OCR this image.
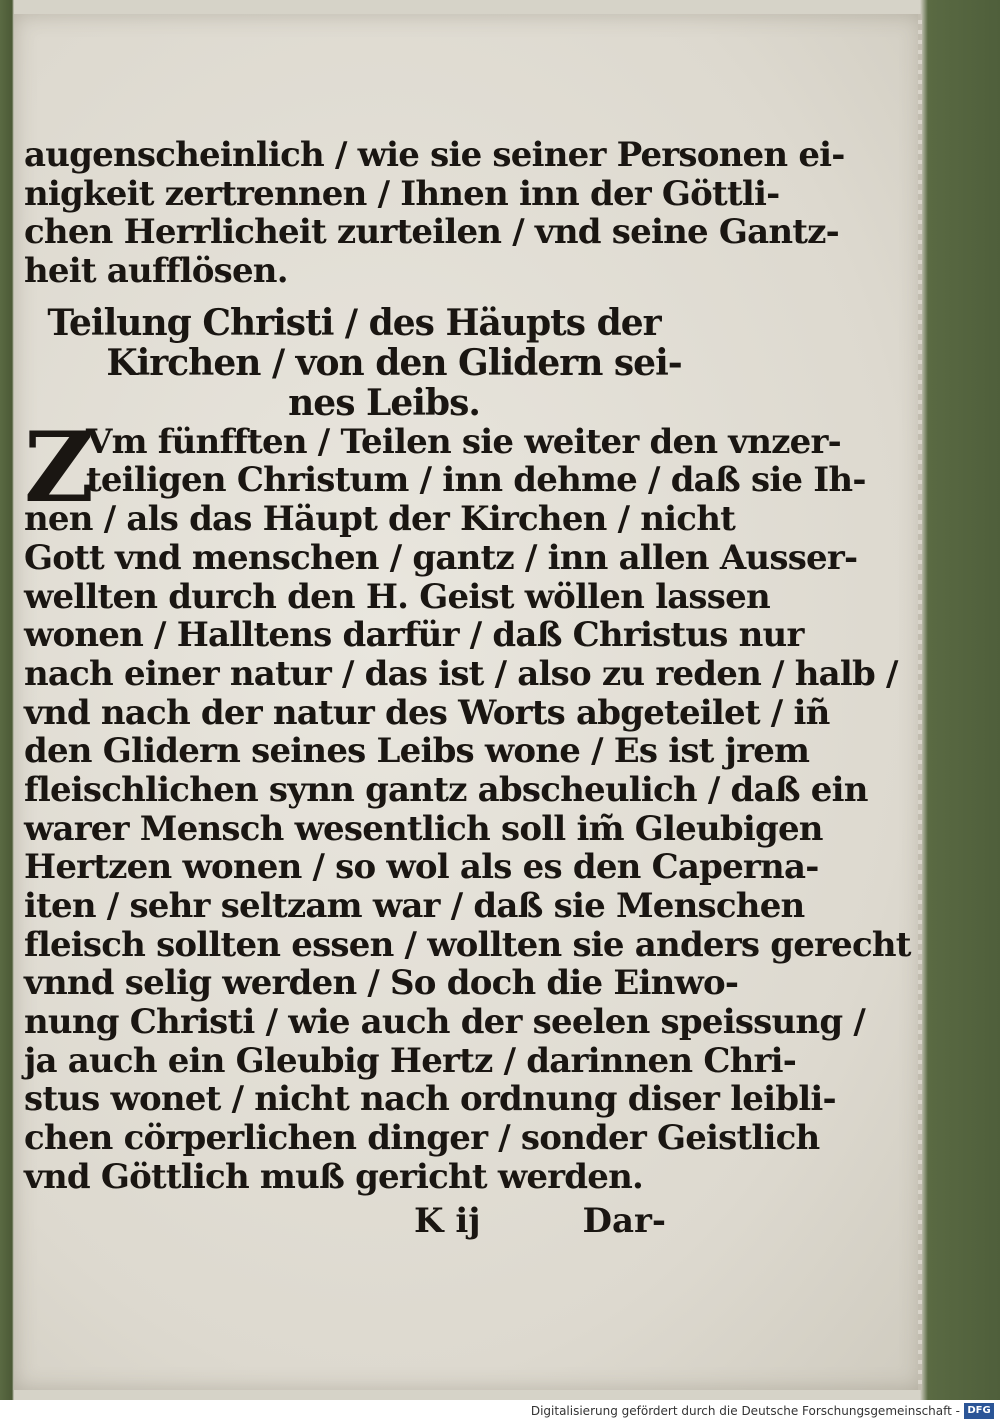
augenscheinlich / wie sie seiner Personen ei-
nigkeit zertrennen / Ihnen inn der Göttli-
chen Herrlicheit zurteilen / vnd seine Gantz-
heit aufflösen.
Teilung Christi / des Häupts der
Kirchen / von den Glidern sei-
nes Leibs.
Z
Vm fünfften / Teilen sie weiter den vnzer-
teiligen Christum / inn dehme / daß sie Ih-
nen / als das Häupt der Kirchen / nicht
Gott vnd menschen / gantz / inn allen Ausser-
wellten durch den H. Geist wöllen lassen
wonen / Halltens darfür / daß Christus nur
nach einer natur / das ist / also zu reden / halb /
vnd nach der natur des Worts abgeteilet / iñ
den Glidern seines Leibs wone / Es ist jrem
fleischlichen synn gantz abscheulich / daß ein
warer Mensch wesentlich soll im̃ Gleubigen
Hertzen wonen / so wol als es den Caperna-
iten / sehr seltzam war / daß sie Menschen
fleisch sollten essen / wollten sie anders gerecht
vnnd selig werden / So doch die Einwo-
nung Christi / wie auch der seelen speissung /
ja auch ein Gleubig Hertz / darinnen Chri-
stus wonet / nicht nach ordnung diser leibli-
chen cörperlichen dinger / sonder Geistlich
vnd Göttlich muß gericht werden.
K ij	Dar-

Digitalisierung gefördert durch die Deutsche Forschungsgemeinschaft - DFG
